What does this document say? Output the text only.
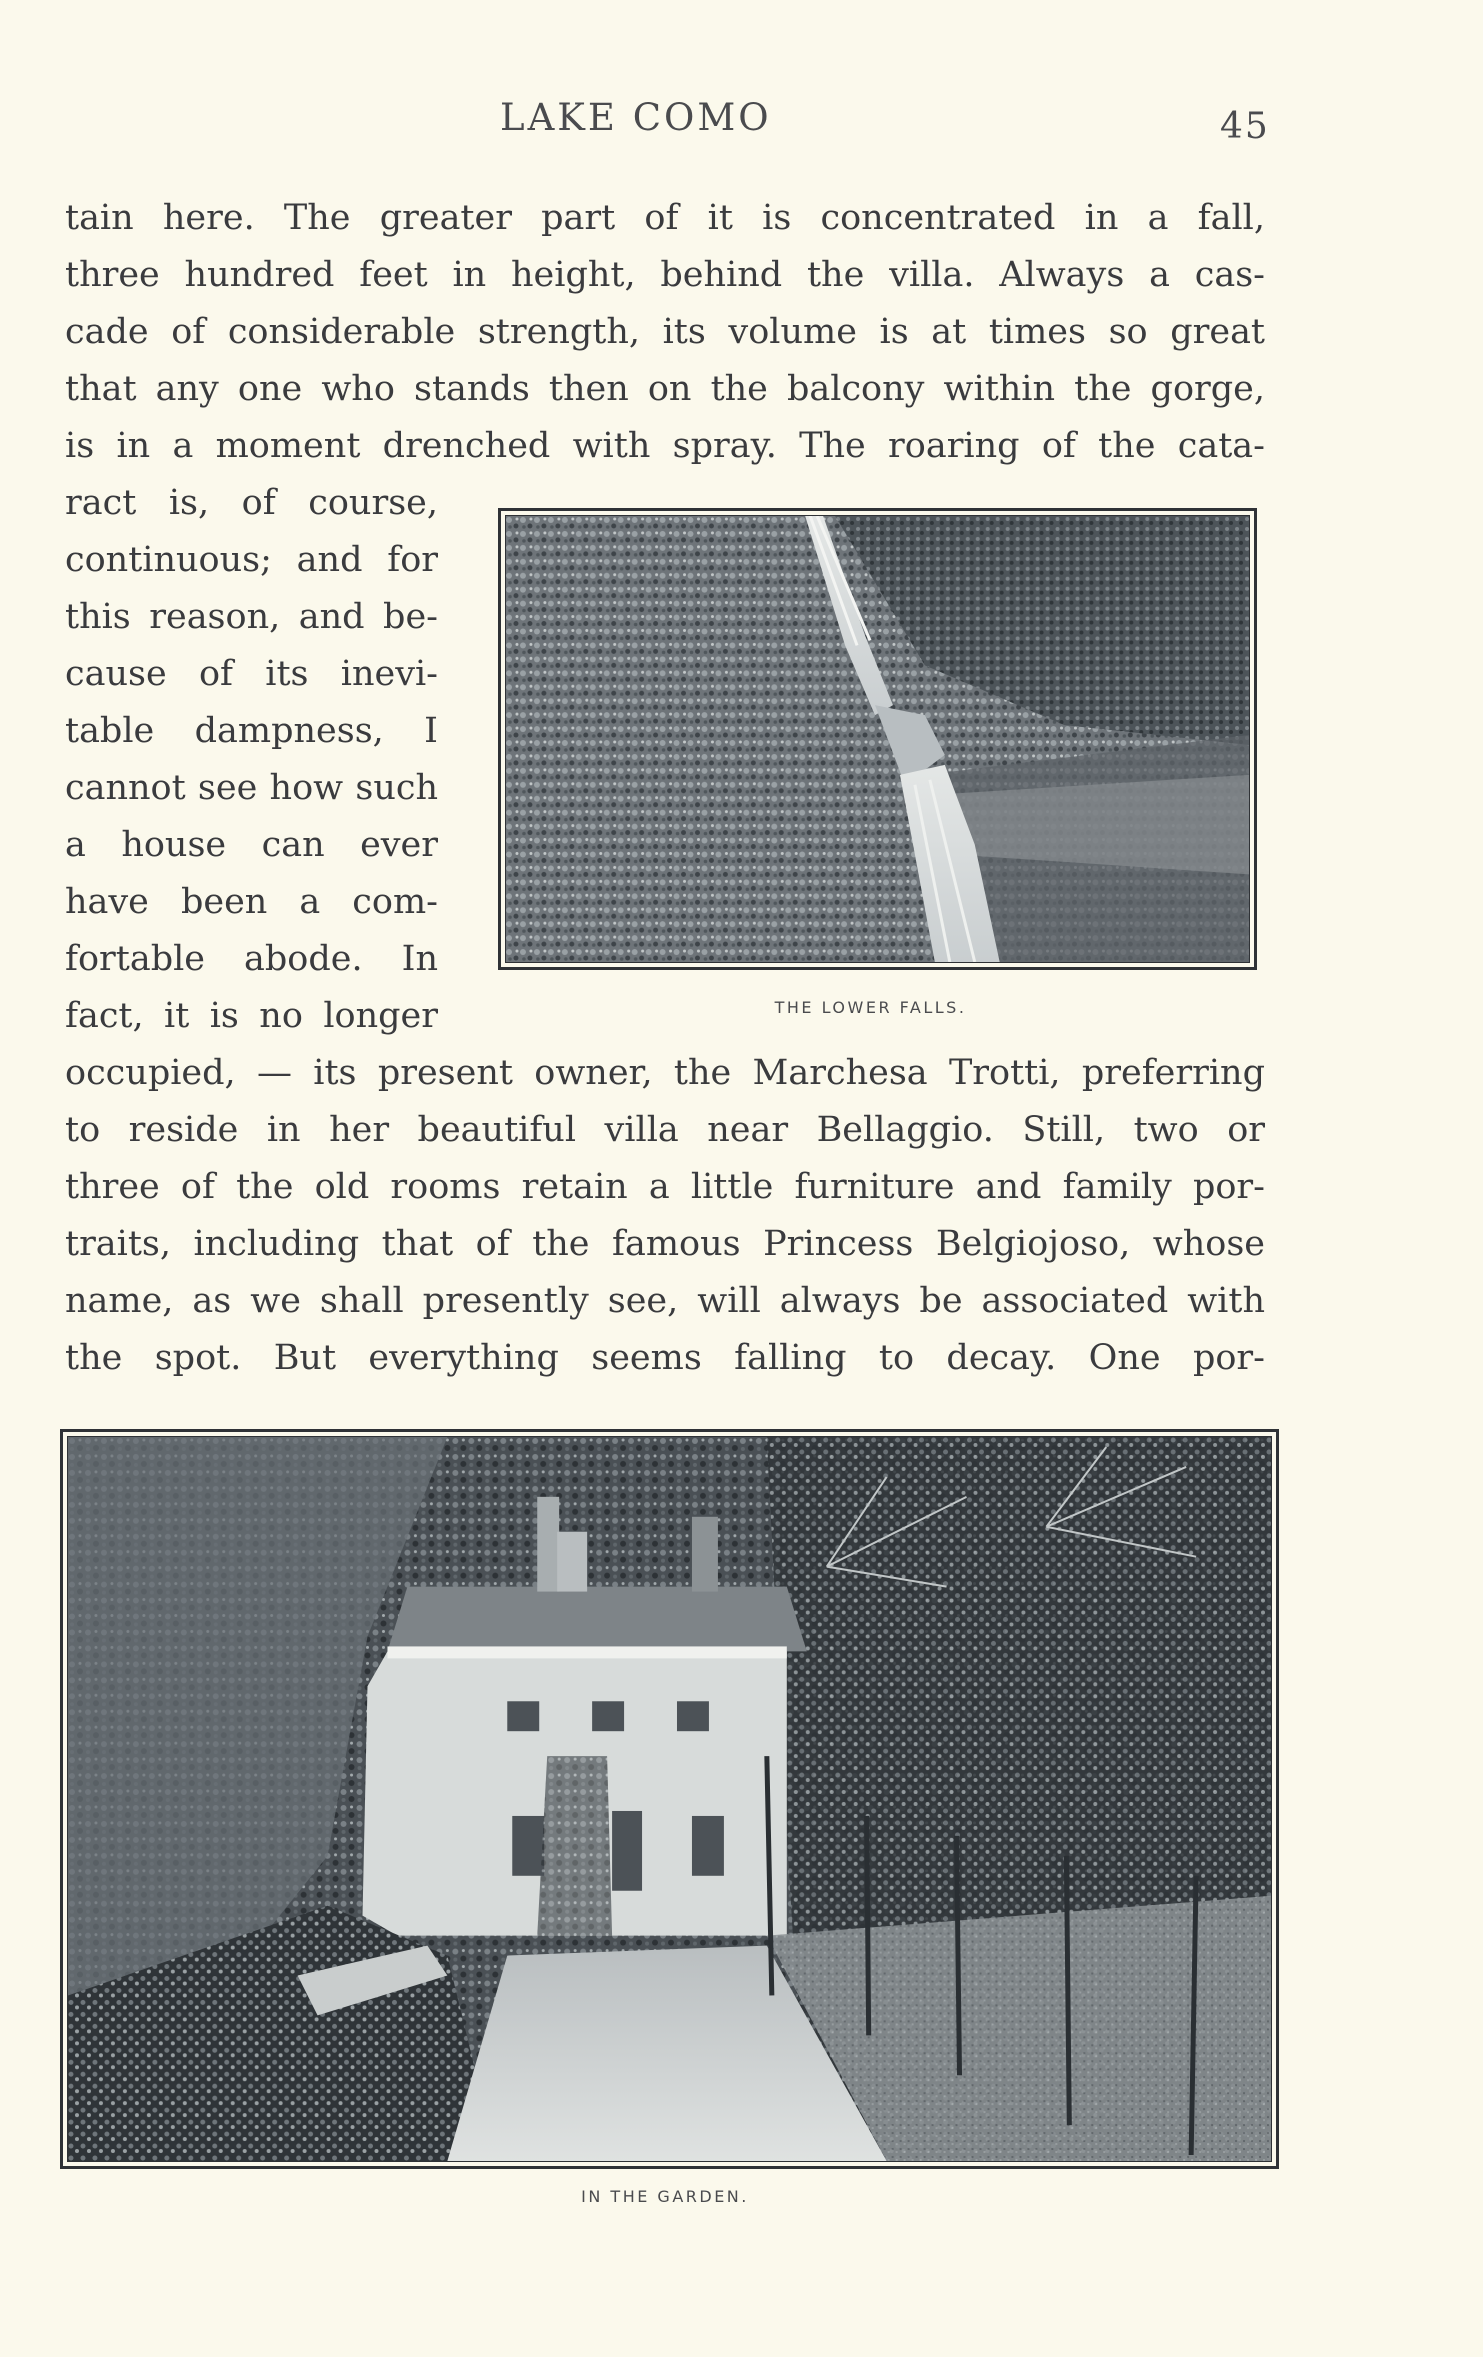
LAKE COMO	45
tain here. The greater part of it is concentrated in a fall,
three hundred feet in height, behind the villa. Always a cas-
cade of considerable strength, its volume is at times so great
that any one who stands then on the balcony within the gorge,
is in a moment drenched with spray. The roaring of the cata-
ract is, of course,
continuous; and for
this reason, and be-
cause of its inevi-
table dampness, I
cannot see how such
a house can ever
have been a com-
fortable abode. In
fact, it is no longer
occupied, — its present owner, the Marchesa Trotti, preferring
to reside in her beautiful villa near Bellaggio. Still, two or
three of the old rooms retain a little furniture and family por-
traits, including that of the famous Princess Belgiojoso, whose
name, as we shall presently see, will always be associated with
the spot. But everything seems falling to decay. One por-
THE LOWER FALLS.
IN THE GARDEN.
